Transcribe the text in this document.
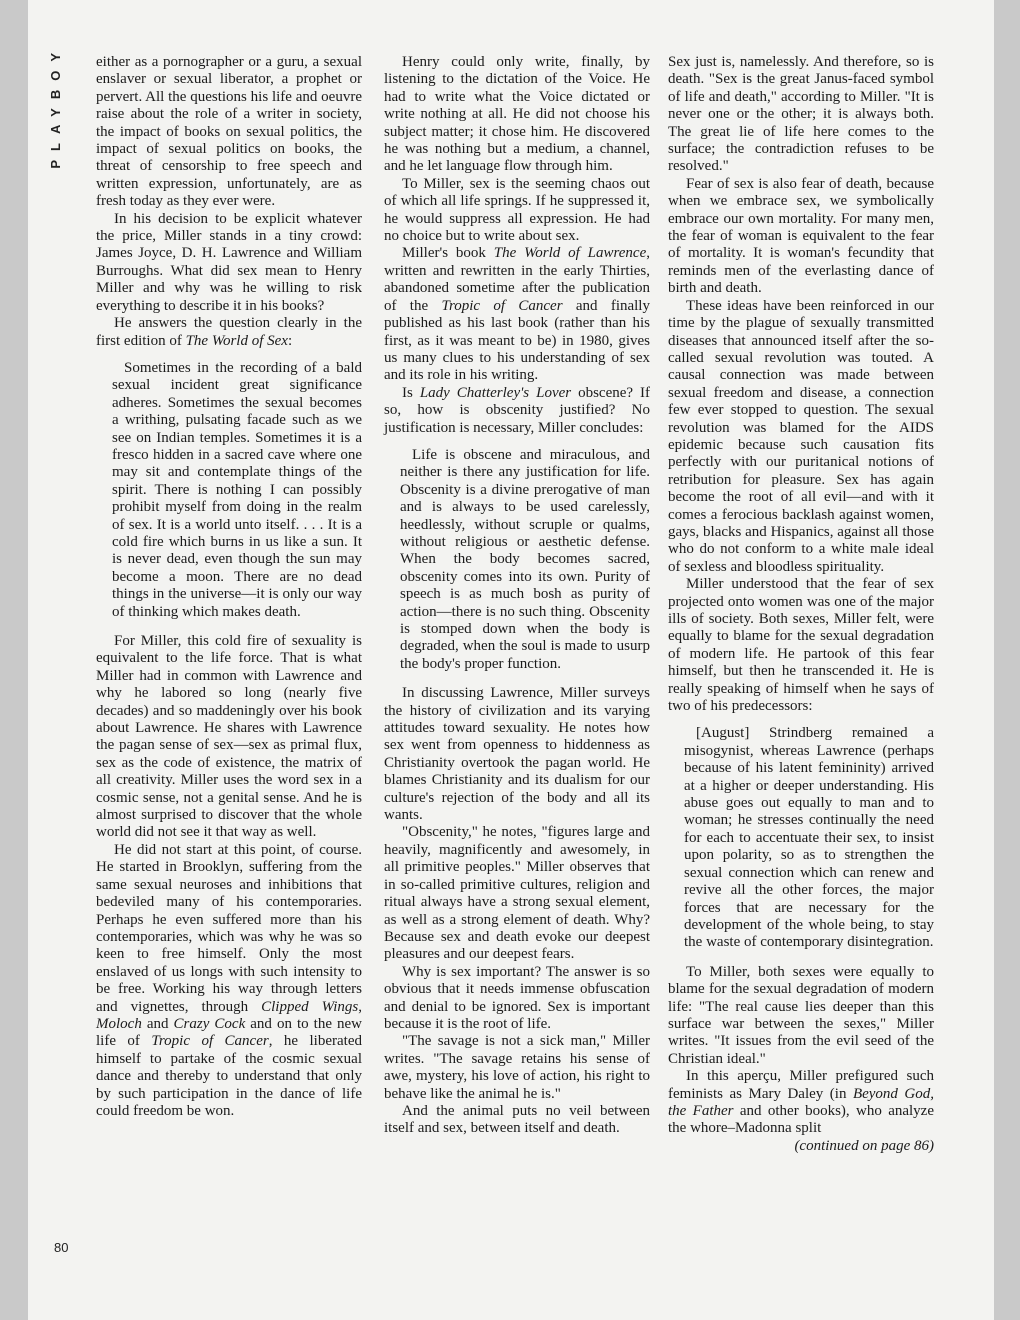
PLAYBOY
80

either as a pornographer or a guru, a sexual enslaver or sexual liberator, a prophet or pervert. All the questions his life and oeuvre raise about the role of a writer in society, the impact of books on sexual politics, the impact of sexual politics on books, the threat of censorship to free speech and written expression, unfortunately, are as fresh today as they ever were.

In his decision to be explicit whatever the price, Miller stands in a tiny crowd: James Joyce, D. H. Lawrence and William Burroughs. What did sex mean to Henry Miller and why was he willing to risk everything to describe it in his books?

He answers the question clearly in the first edition of The World of Sex:

Sometimes in the recording of a bald sexual incident great significance adheres. Sometimes the sexual becomes a writhing, pulsating facade such as we see on Indian temples. Sometimes it is a fresco hidden in a sacred cave where one may sit and contemplate things of the spirit. There is nothing I can possibly prohibit myself from doing in the realm of sex. It is a world unto itself. . . . It is a cold fire which burns in us like a sun. It is never dead, even though the sun may become a moon. There are no dead things in the universe—it is only our way of thinking which makes death.

For Miller, this cold fire of sexuality is equivalent to the life force. That is what Miller had in common with Lawrence and why he labored so long (nearly five decades) and so maddeningly over his book about Lawrence. He shares with Lawrence the pagan sense of sex—sex as primal flux, sex as the code of existence, the matrix of all creativity. Miller uses the word sex in a cosmic sense, not a genital sense. And he is almost surprised to discover that the whole world did not see it that way as well.

He did not start at this point, of course. He started in Brooklyn, suffering from the same sexual neuroses and inhibitions that bedeviled many of his contemporaries. Perhaps he even suffered more than his contemporaries, which was why he was so keen to free himself. Only the most enslaved of us longs with such intensity to be free. Working his way through letters and vignettes, through Clipped Wings, Moloch and Crazy Cock and on to the new life of Tropic of Cancer, he liberated himself to partake of the cosmic sexual dance and thereby to understand that only by such participation in the dance of life could freedom be won.

Henry could only write, finally, by listening to the dictation of the Voice. He had to write what the Voice dictated or write nothing at all. He did not choose his subject matter; it chose him. He discovered he was nothing but a medium, a channel, and he let language flow through him.

To Miller, sex is the seeming chaos out of which all life springs. If he suppressed it, he would suppress all expression. He had no choice but to write about sex.

Miller's book The World of Lawrence, written and rewritten in the early Thirties, abandoned sometime after the publication of the Tropic of Cancer and finally published as his last book (rather than his first, as it was meant to be) in 1980, gives us many clues to his understanding of sex and its role in his writing.

Is Lady Chatterley's Lover obscene? If so, how is obscenity justified? No justification is necessary, Miller concludes:

Life is obscene and miraculous, and neither is there any justification for life. Obscenity is a divine prerogative of man and is always to be used carelessly, heedlessly, without scruple or qualms, without religious or aesthetic defense. When the body becomes sacred, obscenity comes into its own. Purity of speech is as much bosh as purity of action—there is no such thing. Obscenity is stomped down when the body is degraded, when the soul is made to usurp the body's proper function.

In discussing Lawrence, Miller surveys the history of civilization and its varying attitudes toward sexuality. He notes how sex went from openness to hiddenness as Christianity overtook the pagan world. He blames Christianity and its dualism for our culture's rejection of the body and all its wants.

"Obscenity," he notes, "figures large and heavily, magnificently and awesomely, in all primitive peoples." Miller observes that in so-called primitive cultures, religion and ritual always have a strong sexual element, as well as a strong element of death. Why? Because sex and death evoke our deepest pleasures and our deepest fears.

Why is sex important? The answer is so obvious that it needs immense obfuscation and denial to be ignored. Sex is important because it is the root of life.

"The savage is not a sick man," Miller writes. "The savage retains his sense of awe, mystery, his love of action, his right to behave like the animal he is."

And the animal puts no veil between itself and sex, between itself and death.

Sex just is, namelessly. And therefore, so is death. "Sex is the great Janus-faced symbol of life and death," according to Miller. "It is never one or the other; it is always both. The great lie of life here comes to the surface; the contradiction refuses to be resolved."

Fear of sex is also fear of death, because when we embrace sex, we symbolically embrace our own mortality. For many men, the fear of woman is equivalent to the fear of mortality. It is woman's fecundity that reminds men of the everlasting dance of birth and death.

These ideas have been reinforced in our time by the plague of sexually transmitted diseases that announced itself after the so-called sexual revolution was touted. A causal connection was made between sexual freedom and disease, a connection few ever stopped to question. The sexual revolution was blamed for the AIDS epidemic because such causation fits perfectly with our puritanical notions of retribution for pleasure. Sex has again become the root of all evil—and with it comes a ferocious backlash against women, gays, blacks and Hispanics, against all those who do not conform to a white male ideal of sexless and bloodless spirituality.

Miller understood that the fear of sex projected onto women was one of the major ills of society. Both sexes, Miller felt, were equally to blame for the sexual degradation of modern life. He partook of this fear himself, but then he transcended it. He is really speaking of himself when he says of two of his predecessors:

[August] Strindberg remained a misogynist, whereas Lawrence (perhaps because of his latent femininity) arrived at a higher or deeper understanding. His abuse goes out equally to man and to woman; he stresses continually the need for each to accentuate their sex, to insist upon polarity, so as to strengthen the sexual connection which can renew and revive all the other forces, the major forces that are necessary for the development of the whole being, to stay the waste of contemporary disintegration.

To Miller, both sexes were equally to blame for the sexual degradation of modern life: "The real cause lies deeper than this surface war between the sexes," Miller writes. "It issues from the evil seed of the Christian ideal."

In this aperçu, Miller prefigured such feminists as Mary Daley (in Beyond God, the Father and other books), who analyze the whore–Madonna split

(continued on page 86)
